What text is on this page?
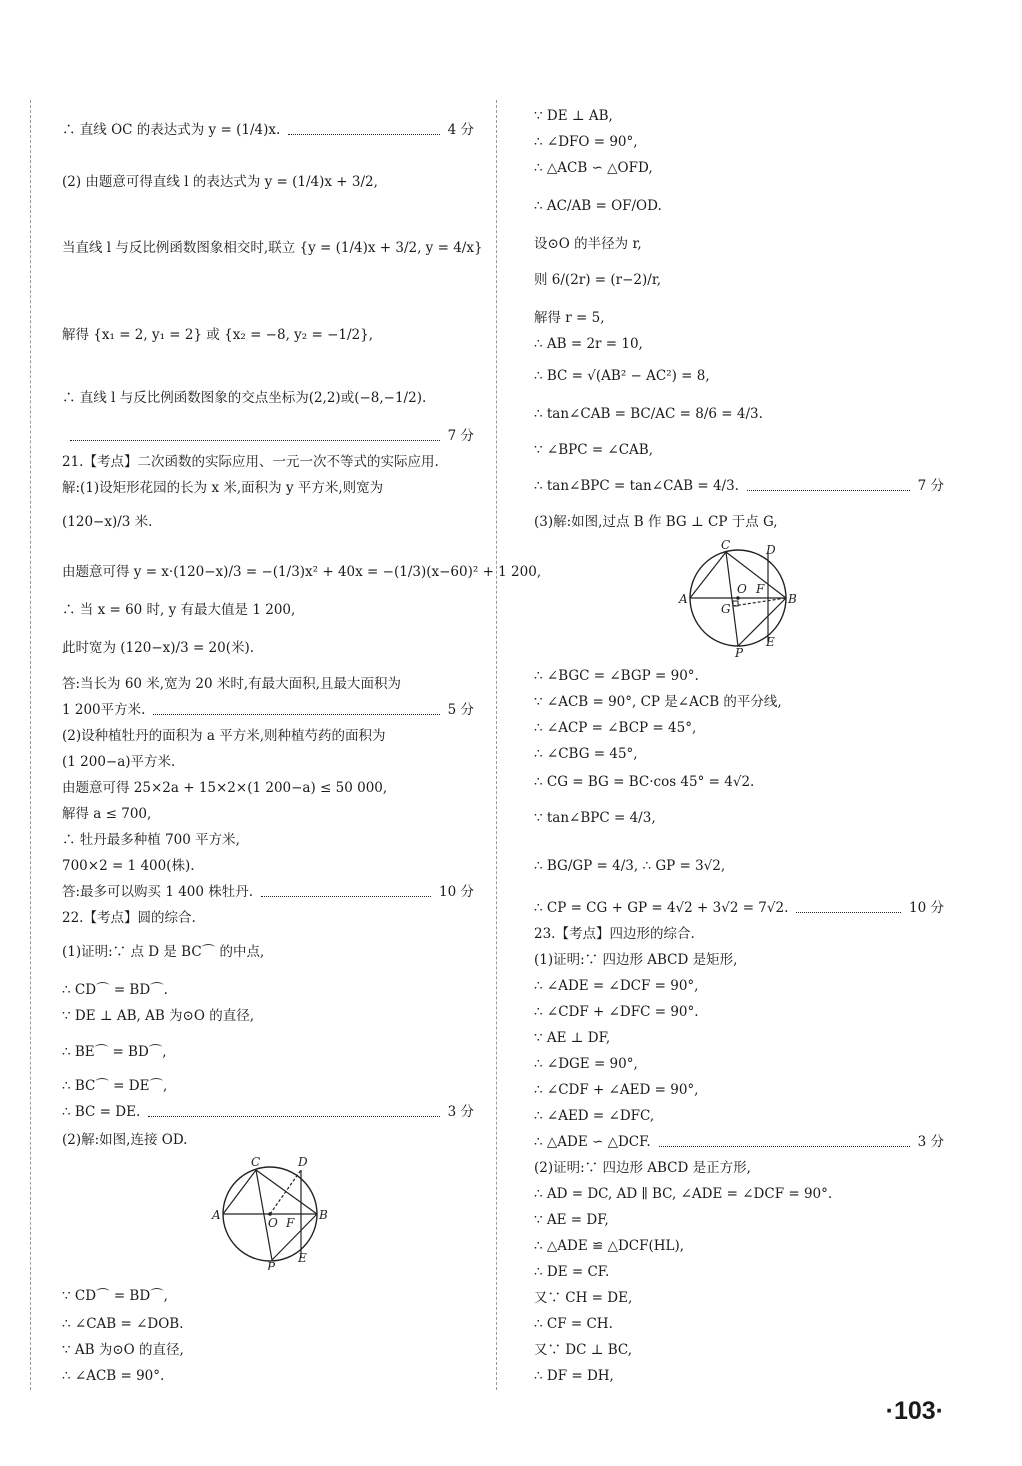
∴ 直线 OC 的表达式为 y = (1/4)x.	4 分
(2) 由题意可得直线 l 的表达式为 y = (1/4)x + 3/2,
当直线 l 与反比例函数图象相交时,联立 {y = (1/4)x + 3/2, y = 4/x}
解得 {x₁ = 2, y₁ = 2} 或 {x₂ = −8, y₂ = −1/2},
∴ 直线 l 与反比例函数图象的交点坐标为(2,2)或(−8,−1/2).
7 分
21.【考点】二次函数的实际应用、一元一次不等式的实际应用.
解:(1)设矩形花园的长为 x 米,面积为 y 平方米,则宽为
(120−x)/3 米.
由题意可得 y = x·(120−x)/3 = −(1/3)x² + 40x = −(1/3)(x−60)² + 1 200,
∴ 当 x = 60 时, y 有最大值是 1 200,
此时宽为 (120−x)/3 = 20(米).
答:当长为 60 米,宽为 20 米时,有最大面积,且最大面积为
1 200平方米.	5 分
(2)设种植牡丹的面积为 a 平方米,则种植芍药的面积为
(1 200−a)平方米.
由题意可得 25×2a + 15×2×(1 200−a) ≤ 50 000,
解得 a ≤ 700,
∴ 牡丹最多种植 700 平方米,
700×2 = 1 400(株).
答:最多可以购买 1 400 株牡丹.	10 分
22.【考点】圆的综合.
(1)证明:∵ 点 D 是 BC⌒ 的中点,
∴ CD⌒ = BD⌒.
∵ DE ⊥ AB, AB 为⊙O 的直径,
∴ BE⌒ = BD⌒,
∴ BC⌒ = DE⌒,
∴ BC = DE.	3 分
(2)解:如图,连接 OD.
∵ CD⌒ = BD⌒,
∴ ∠CAB = ∠DOB.
∵ AB 为⊙O 的直径,
∴ ∠ACB = 90°.
∵ DE ⊥ AB,
∴ ∠DFO = 90°,
∴ △ACB ∽ △OFD,
∴ AC/AB = OF/OD.
设⊙O 的半径为 r,
则 6/(2r) = (r−2)/r,
解得 r = 5,
∴ AB = 2r = 10,
∴ BC = √(AB² − AC²) = 8,
∴ tan∠CAB = BC/AC = 8/6 = 4/3.
∵ ∠BPC = ∠CAB,
∴ tan∠BPC = tan∠CAB = 4/3.	7 分
(3)解:如图,过点 B 作 BG ⊥ CP 于点 G,
∴ ∠BGC = ∠BGP = 90°.
∵ ∠ACB = 90°, CP 是∠ACB 的平分线,
∴ ∠ACP = ∠BCP = 45°,
∴ ∠CBG = 45°,
∴ CG = BG = BC·cos 45° = 4√2.
∵ tan∠BPC = 4/3,
∴ BG/GP = 4/3, ∴ GP = 3√2,
∴ CP = CG + GP = 4√2 + 3√2 = 7√2.	10 分
23.【考点】四边形的综合.
(1)证明:∵ 四边形 ABCD 是矩形,
∴ ∠ADE = ∠DCF = 90°,
∴ ∠CDF + ∠DFC = 90°.
∵ AE ⊥ DF,
∴ ∠DGE = 90°,
∴ ∠CDF + ∠AED = 90°,
∴ ∠AED = ∠DFC,
∴ △ADE ∽ △DCF.	3 分
(2)证明:∵ 四边形 ABCD 是正方形,
∴ AD = DC, AD ∥ BC, ∠ADE = ∠DCF = 90°.
∵ AE = DF,
∴ △ADE ≌ △DCF(HL),
∴ DE = CF.
又∵ CH = DE,
∴ CF = CH.
又∵ DC ⊥ BC,
∴ DF = DH,
A	B
C	D
E
F
O
P
A	B
C	D
E
F
O
P
G
·103·
